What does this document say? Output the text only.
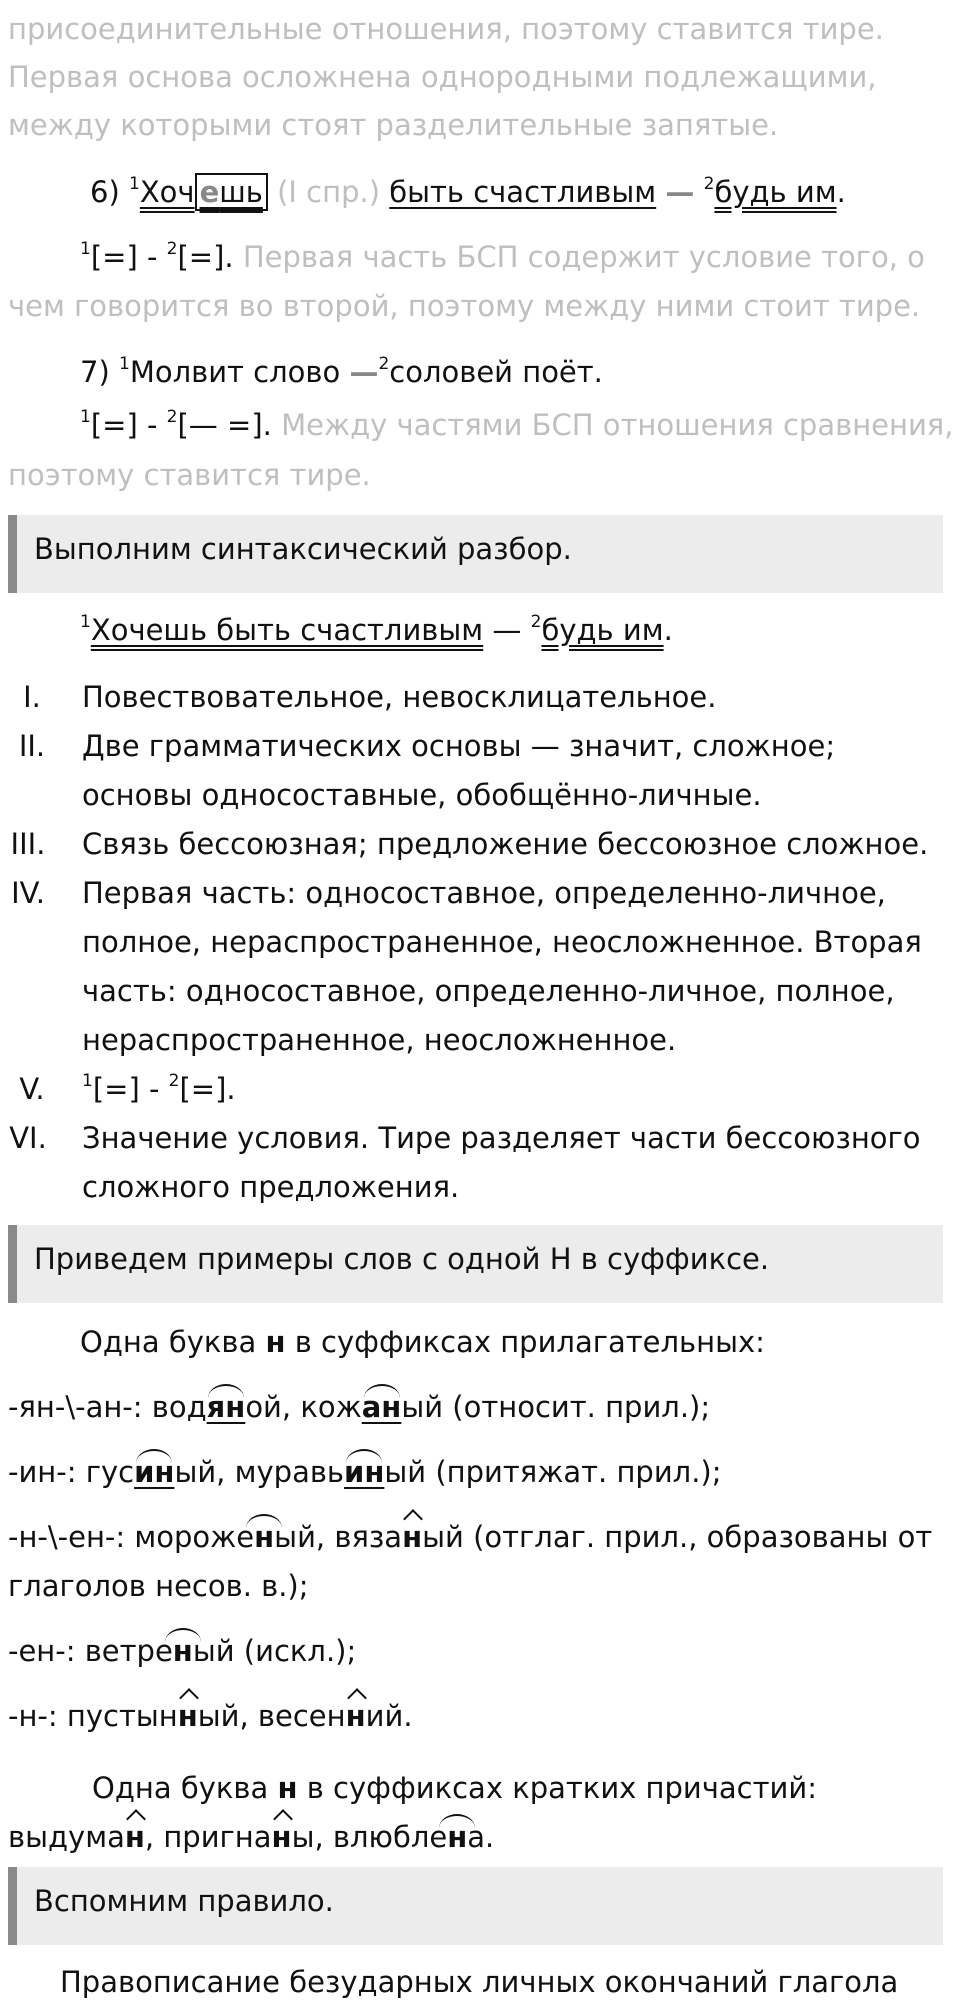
присоединительные отношения, поэтому ставится тире.
Первая основа осложнена однородными подлежащими,
между которыми стоят разделительные запятые.
6) $^1$Хоч ешь (I спр.) быть счастливым — $^2$будь им.
$^1$[=] - $^2$[=]. Первая часть БСП содержит условие того, о
чем говорится во второй, поэтому между ними стоит тире.
7) $^1$Молвит слово —$^2$соловей поёт.
$^1$[=] - $^2$[— =]. Между частями БСП отношения сравнения,
поэтому ставится тире.
Выполним синтаксический разбор.
$^1$Хочешь быть счастливым — $^2$будь им.
I.	Повествовательное, невосклицательное.
II.	Две грамматических основы — значит, сложное;
основы односоставные, обобщённо-личные.
III.	Связь бессоюзная; предложение бессоюзное сложное.
IV.	Первая часть: односоставное, определенно-личное,
полное, нераспространенное, неосложненное. Вторая
часть: односоставное, определенно-личное, полное,
нераспространенное, неосложненное.
V.	$^1$[=] - $^2$[=].
VI.	Значение условия. Тире разделяет части бессоюзного
сложного предложения.
Приведем примеры слов с одной Н в суффиксе.
Одна буква н в суффиксах прилагательных:
-ян-\-ан-: водяной, кожаный (относит. прил.);
-ин-: гусиный, муравьиный (притяжат. прил.);
-н-\-ен-: мороженый, вязаный (отглаг. прил., образованы от
глаголов несов. в.);
-ен-: ветреный (искл.);
-н-: пустынный, весенний.
Одна буква н в суффиксах кратких причастий:
выдуман, пригнаны, влюблена.
Вспомним правило.
Правописание безударных личных окончаний глагола
